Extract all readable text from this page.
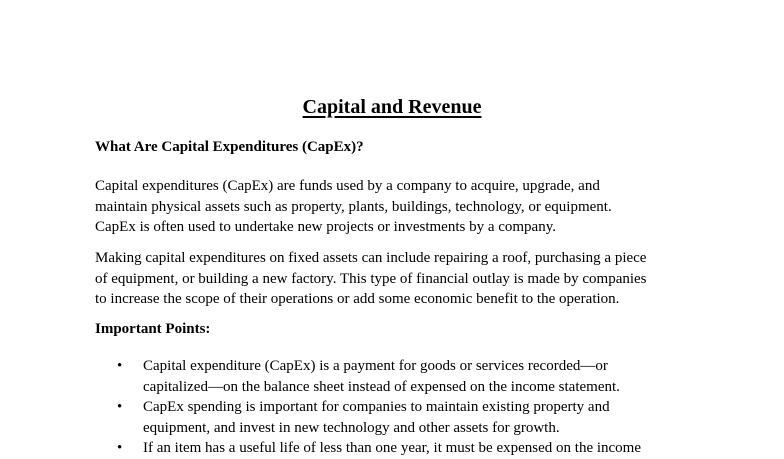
Capital and Revenue
What Are Capital Expenditures (CapEx)?

Capital expenditures (CapEx) are funds used by a company to acquire, upgrade, and
maintain physical assets such as property, plants, buildings, technology, or equipment.
CapEx is often used to undertake new projects or investments by a company.

Making capital expenditures on fixed assets can include repairing a roof, purchasing a piece
of equipment, or building a new factory. This type of financial outlay is made by companies
to increase the scope of their operations or add some economic benefit to the operation.

Important Points:
• Capital expenditure (CapEx) is a payment for goods or services recorded—or
capitalized—on the balance sheet instead of expensed on the income statement.
• CapEx spending is important for companies to maintain existing property and
equipment, and invest in new technology and other assets for growth.
• If an item has a useful life of less than one year, it must be expensed on the income
